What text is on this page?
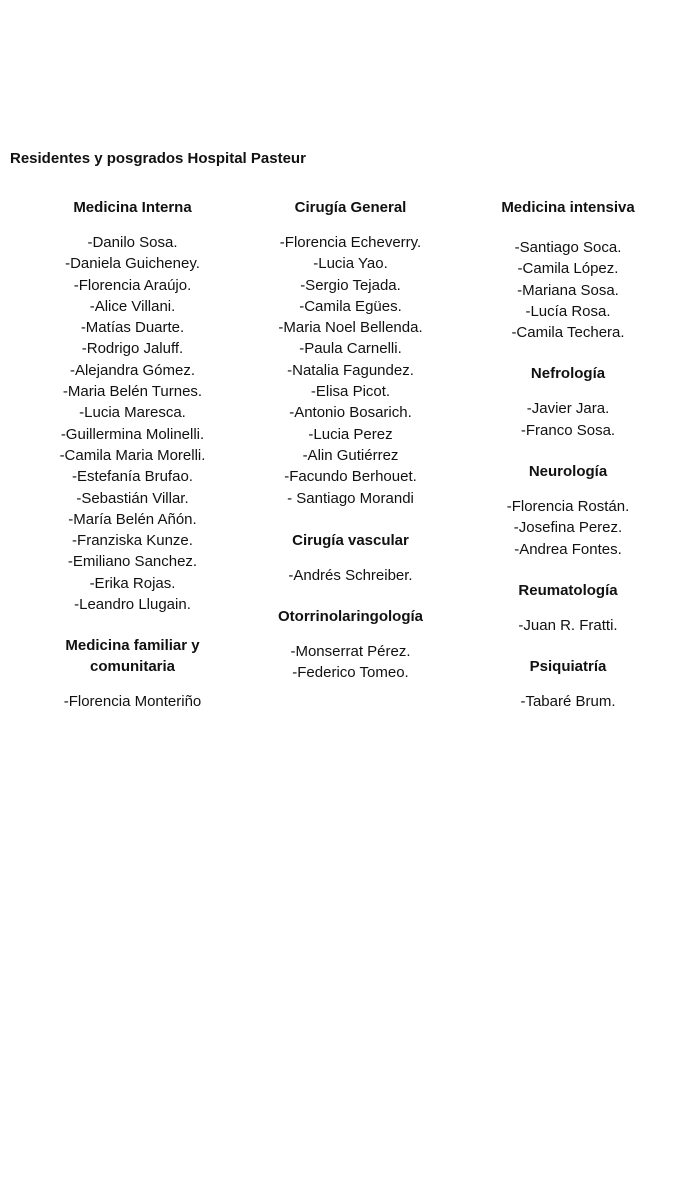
Residentes y posgrados Hospital Pasteur
Medicina Interna
-Danilo Sosa.
-Daniela Guicheney.
-Florencia Araújo.
-Alice Villani.
-Matías Duarte.
-Rodrigo Jaluff.
-Alejandra Gómez.
-Maria Belén Turnes.
-Lucia Maresca.
-Guillermina Molinelli.
-Camila Maria Morelli.
-Estefanía Brufao.
-Sebastián Villar.
-María Belén Añón.
-Franziska Kunze.
-Emiliano Sanchez.
-Erika Rojas.
-Leandro Llugain.
Medicina familiar y
comunitaria
-Florencia Monteriño
Cirugía General
-Florencia Echeverry.
-Lucia Yao.
-Sergio Tejada.
-Camila Egües.
-Maria Noel Bellenda.
-Paula Carnelli.
-Natalia Fagundez.
-Elisa Picot.
-Antonio Bosarich.
-Lucia Perez
-Alin Gutiérrez
-Facundo Berhouet.
- Santiago Morandi
Cirugía vascular
-Andrés Schreiber.
Otorrinolaringología
-Monserrat Pérez.
-Federico Tomeo.
Medicina intensiva
-Santiago Soca.
-Camila López.
-Mariana Sosa.
-Lucía Rosa.
-Camila Techera.
Nefrología
-Javier Jara.
-Franco Sosa.
Neurología
-Florencia Rostán.
-Josefina Perez.
-Andrea Fontes.
Reumatología
-Juan R. Fratti.
Psiquiatría
-Tabaré Brum.
